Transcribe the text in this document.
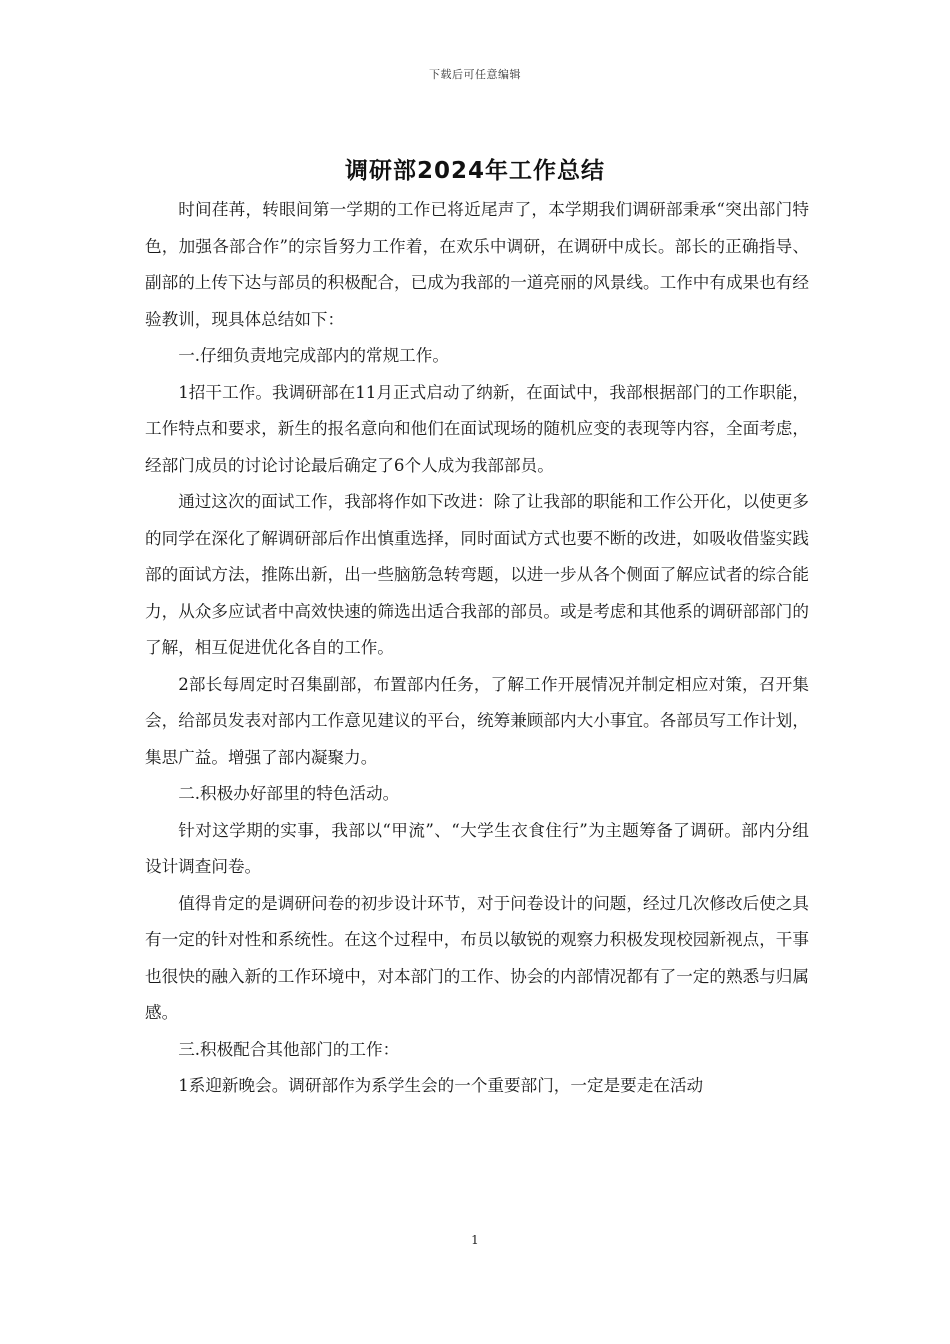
下载后可任意编辑
调研部2024年工作总结

时间荏苒，转眼间第一学期的工作已将近尾声了，本学期我们调研部秉承“突出部门特色，加强各部合作”的宗旨努力工作着，在欢乐中调研，在调研中成长。部长的正确指导、副部的上传下达与部员的积极配合，已成为我部的一道亮丽的风景线。工作中有成果也有经验教训，现具体总结如下：

一.仔细负责地完成部内的常规工作。

1招干工作。我调研部在11月正式启动了纳新，在面试中，我部根据部门的工作职能，工作特点和要求，新生的报名意向和他们在面试现场的随机应变的表现等内容，全面考虑，经部门成员的讨论讨论最后确定了6个人成为我部部员。

通过这次的面试工作，我部将作如下改进：除了让我部的职能和工作公开化，以使更多的同学在深化了解调研部后作出慎重选择，同时面试方式也要不断的改进，如吸收借鉴实践部的面试方法，推陈出新，出一些脑筋急转弯题，以进一步从各个侧面了解应试者的综合能力，从众多应试者中高效快速的筛选出适合我部的部员。或是考虑和其他系的调研部部门的了解，相互促进优化各自的工作。

2部长每周定时召集副部，布置部内任务，了解工作开展情况并制定相应对策，召开集会，给部员发表对部内工作意见建议的平台，统筹兼顾部内大小事宜。各部员写工作计划，集思广益。增强了部内凝聚力。

二.积极办好部里的特色活动。

针对这学期的实事，我部以“甲流”、“大学生衣食住行”为主题筹备了调研。部内分组设计调查问卷。

值得肯定的是调研问卷的初步设计环节，对于问卷设计的问题，经过几次修改后使之具有一定的针对性和系统性。在这个过程中，布员以敏锐的观察力积极发现校园新视点，干事也很快的融入新的工作环境中，对本部门的工作、协会的内部情况都有了一定的熟悉与归属感。

三.积极配合其他部门的工作：

1系迎新晚会。调研部作为系学生会的一个重要部门，一定是要走在活动

1
